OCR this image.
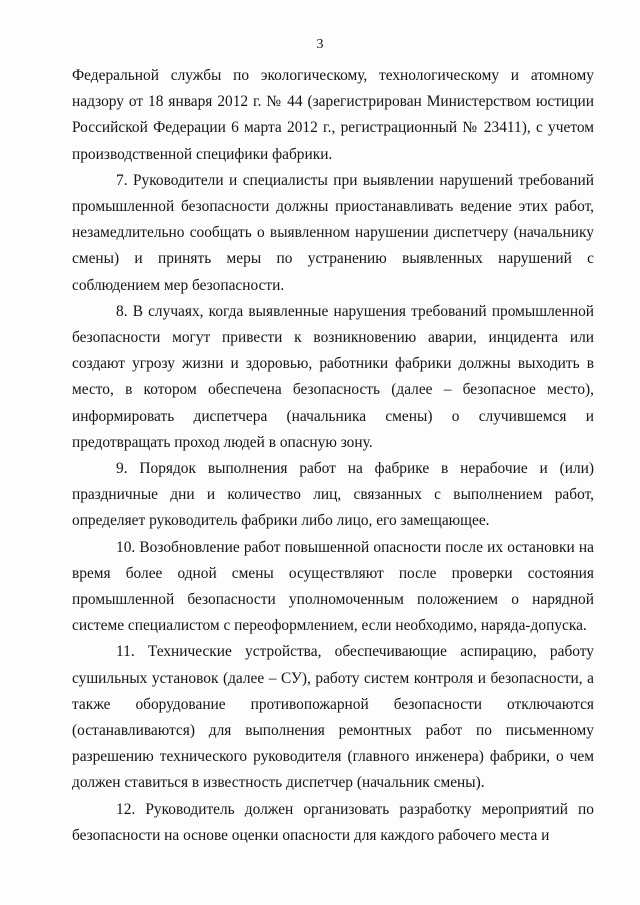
3

Федеральной службы по экологическому, технологическому и атомному надзору от 18 января 2012 г. № 44 (зарегистрирован Министерством юстиции Российской Федерации 6 марта 2012 г., регистрационный № 23411), с учетом производственной специфики фабрики.

7. Руководители и специалисты при выявлении нарушений требований промышленной безопасности должны приостанавливать ведение этих работ, незамедлительно сообщать о выявленном нарушении диспетчеру (начальнику смены) и принять меры по устранению выявленных нарушений с соблюдением мер безопасности.

8. В случаях, когда выявленные нарушения требований промышленной безопасности могут привести к возникновению аварии, инцидента или создают угрозу жизни и здоровью, работники фабрики должны выходить в место, в котором обеспечена безопасность (далее – безопасное место), информировать диспетчера (начальника смены) о случившемся и предотвращать проход людей в опасную зону.

9. Порядок выполнения работ на фабрике в нерабочие и (или) праздничные дни и количество лиц, связанных с выполнением работ, определяет руководитель фабрики либо лицо, его замещающее.

10. Возобновление работ повышенной опасности после их остановки на время более одной смены осуществляют после проверки состояния промышленной безопасности уполномоченным положением о нарядной системе специалистом с переоформлением, если необходимо, наряда-допуска.

11. Технические устройства, обеспечивающие аспирацию, работу сушильных установок (далее – СУ), работу систем контроля и безопасности, а также оборудование противопожарной безопасности отключаются (останавливаются) для выполнения ремонтных работ по письменному разрешению технического руководителя (главного инженера) фабрики, о чем должен ставиться в известность диспетчер (начальник смены).

12. Руководитель должен организовать разработку мероприятий по безопасности на основе оценки опасности для каждого рабочего места и
